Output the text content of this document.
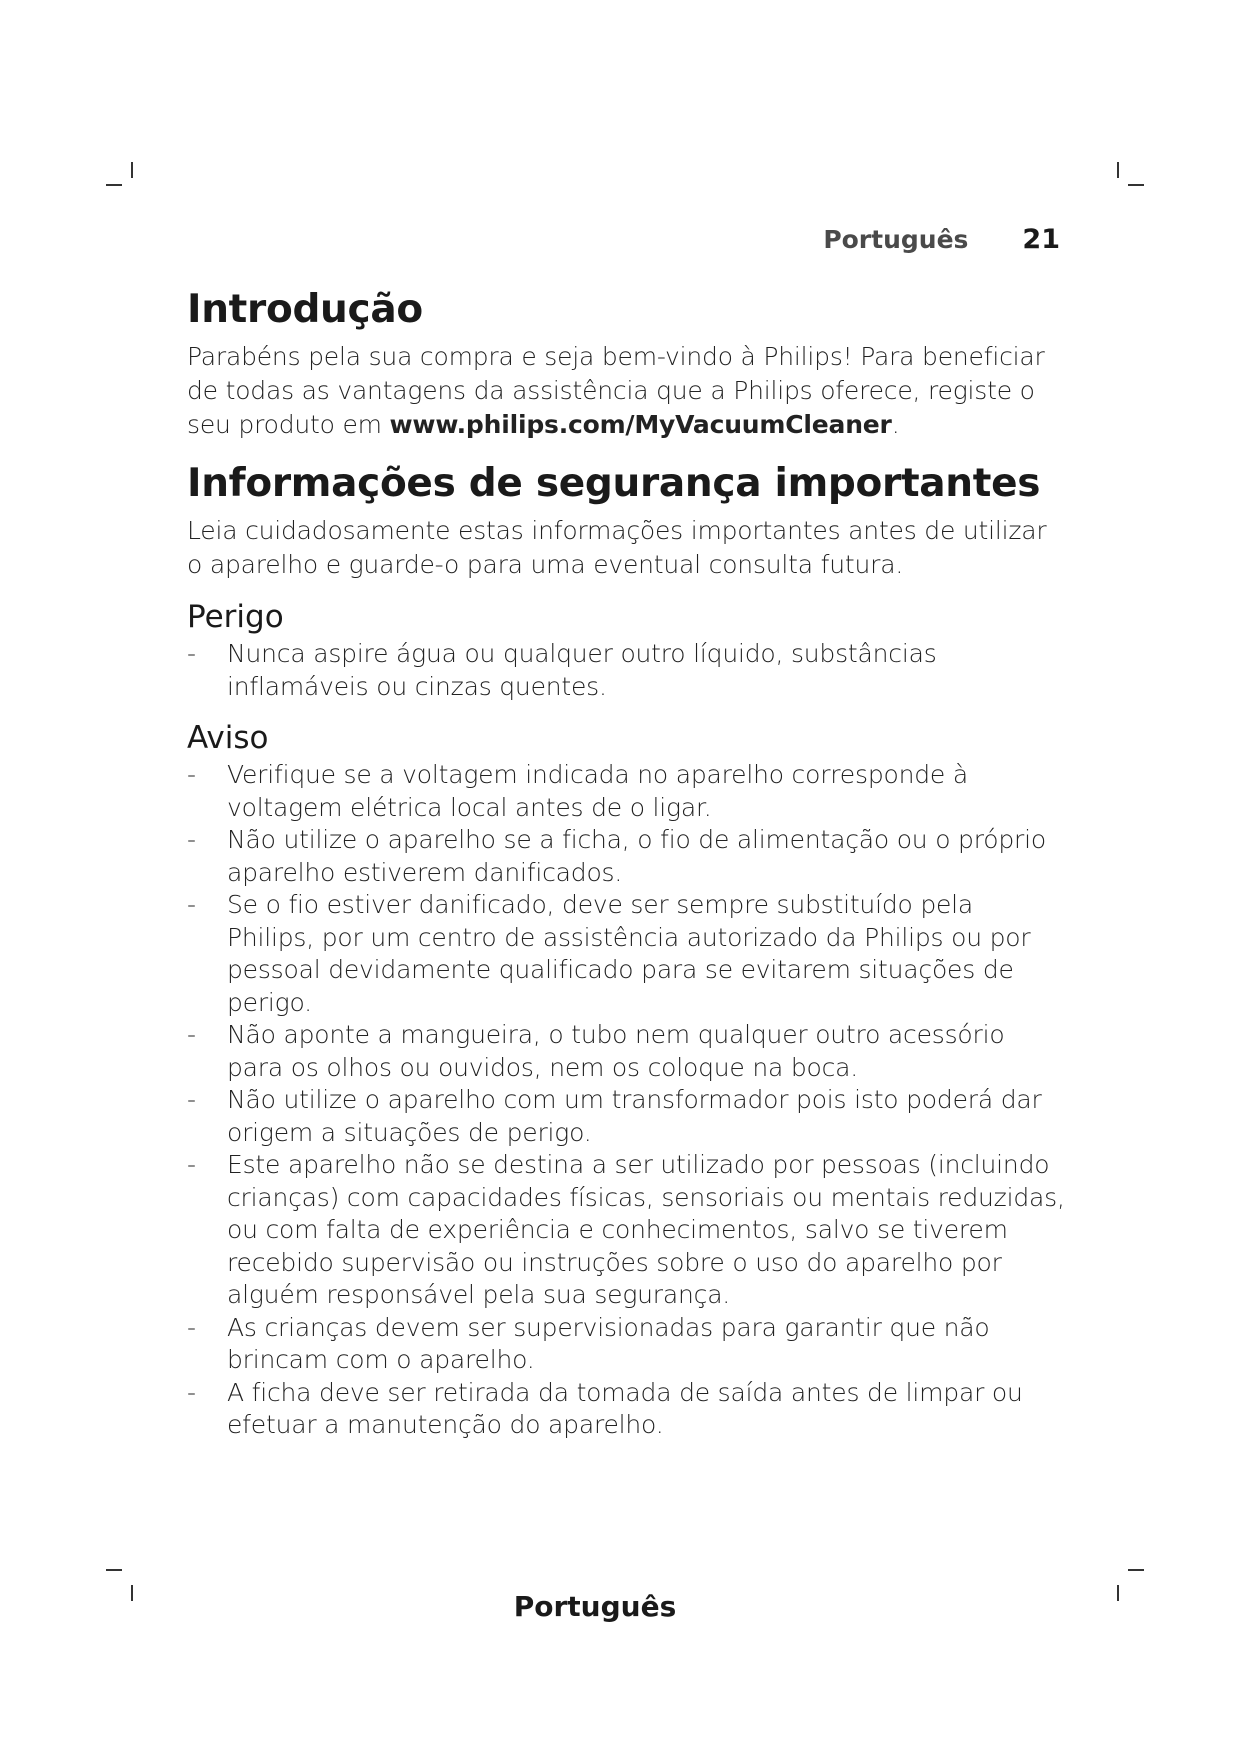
Português 21
Introdução

Parabéns pela sua compra e seja bem-vindo à Philips! Para beneficiar de todas as vantagens da assistência que a Philips oferece, registe o seu produto em www.philips.com/MyVacuumCleaner.

Informações de segurança importantes

Leia cuidadosamente estas informações importantes antes de utilizar o aparelho e guarde-o para uma eventual consulta futura.

Perigo
- Nunca aspire água ou qualquer outro líquido, substâncias inflamáveis ou cinzas quentes.
Aviso
- Verifique se a voltagem indicada no aparelho corresponde à voltagem elétrica local antes de o ligar.
- Não utilize o aparelho se a ficha, o fio de alimentação ou o próprio aparelho estiverem danificados.
- Se o fio estiver danificado, deve ser sempre substituído pela Philips, por um centro de assistência autorizado da Philips ou por pessoal devidamente qualificado para se evitarem situações de perigo.
- Não aponte a mangueira, o tubo nem qualquer outro acessório para os olhos ou ouvidos, nem os coloque na boca.
- Não utilize o aparelho com um transformador pois isto poderá dar origem a situações de perigo.
- Este aparelho não se destina a ser utilizado por pessoas (incluindo crianças) com capacidades físicas, sensoriais ou mentais reduzidas, ou com falta de experiência e conhecimentos, salvo se tiverem recebido supervisão ou instruções sobre o uso do aparelho por alguém responsável pela sua segurança.
- As crianças devem ser supervisionadas para garantir que não brincam com o aparelho.
- A ficha deve ser retirada da tomada de saída antes de limpar ou efetuar a manutenção do aparelho.
Português
